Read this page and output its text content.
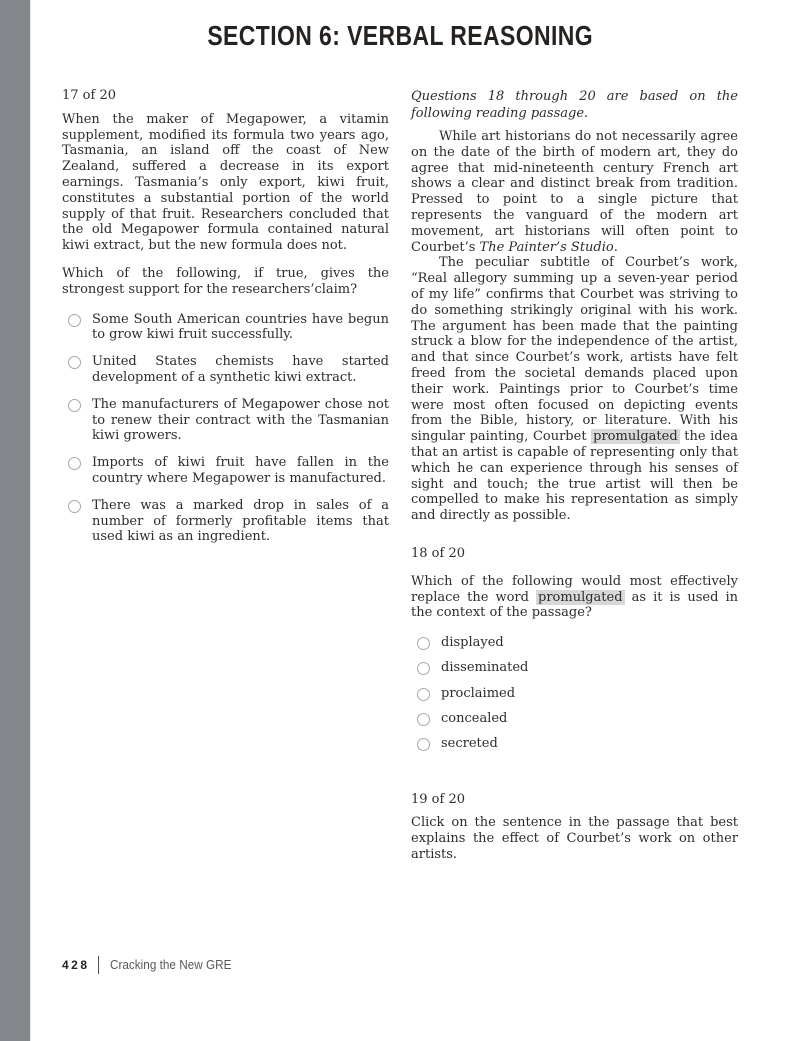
SECTION 6: VERBAL REASONING

17 of 20

When the maker of Megapower, a vitamin supplement, modified its formula two years ago, Tasmania, an island off the coast of New Zealand, suffered a decrease in its export earnings. Tasmania’s only export, kiwi fruit, constitutes a substantial portion of the world supply of that fruit. Researchers concluded that the old Megapower formula contained natural kiwi extract, but the new formula does not.

Which of the following, if true, gives the strongest support for the researchers’claim?

Some South American countries have begun to grow kiwi fruit successfully.
United States chemists have started development of a synthetic kiwi extract.
The manufacturers of Megapower chose not to renew their contract with the Tasmanian kiwi growers.
Imports of kiwi fruit have fallen in the country where Megapower is manufactured.
There was a marked drop in sales of a number of formerly profitable items that used kiwi as an ingredient.

Questions 18 through 20 are based on the following reading passage.

While art historians do not necessarily agree on the date of the birth of modern art, they do agree that mid-nineteenth century French art shows a clear and distinct break from tradition. Pressed to point to a single picture that represents the vanguard of the modern art movement, art historians will often point to Courbet’s The Painter’s Studio.

The peculiar subtitle of Courbet’s work, “Real allegory summing up a seven-year period of my life” confirms that Courbet was striving to do something strikingly original with his work. The argument has been made that the painting struck a blow for the independence of the artist, and that since Courbet’s work, artists have felt freed from the societal demands placed upon their work. Paintings prior to Courbet’s time were most often focused on depicting events from the Bible, history, or literature. With his singular painting, Courbet promulgated the idea that an artist is capable of representing only that which he can experience through his senses of sight and touch; the true artist will then be compelled to make his representation as simply and directly as possible.

18 of 20

Which of the following would most effectively replace the word promulgated as it is used in the context of the passage?

displayed
disseminated
proclaimed
concealed
secreted

19 of 20

Click on the sentence in the passage that best explains the effect of Courbet’s work on other artists.

428 Cracking the New GRE
